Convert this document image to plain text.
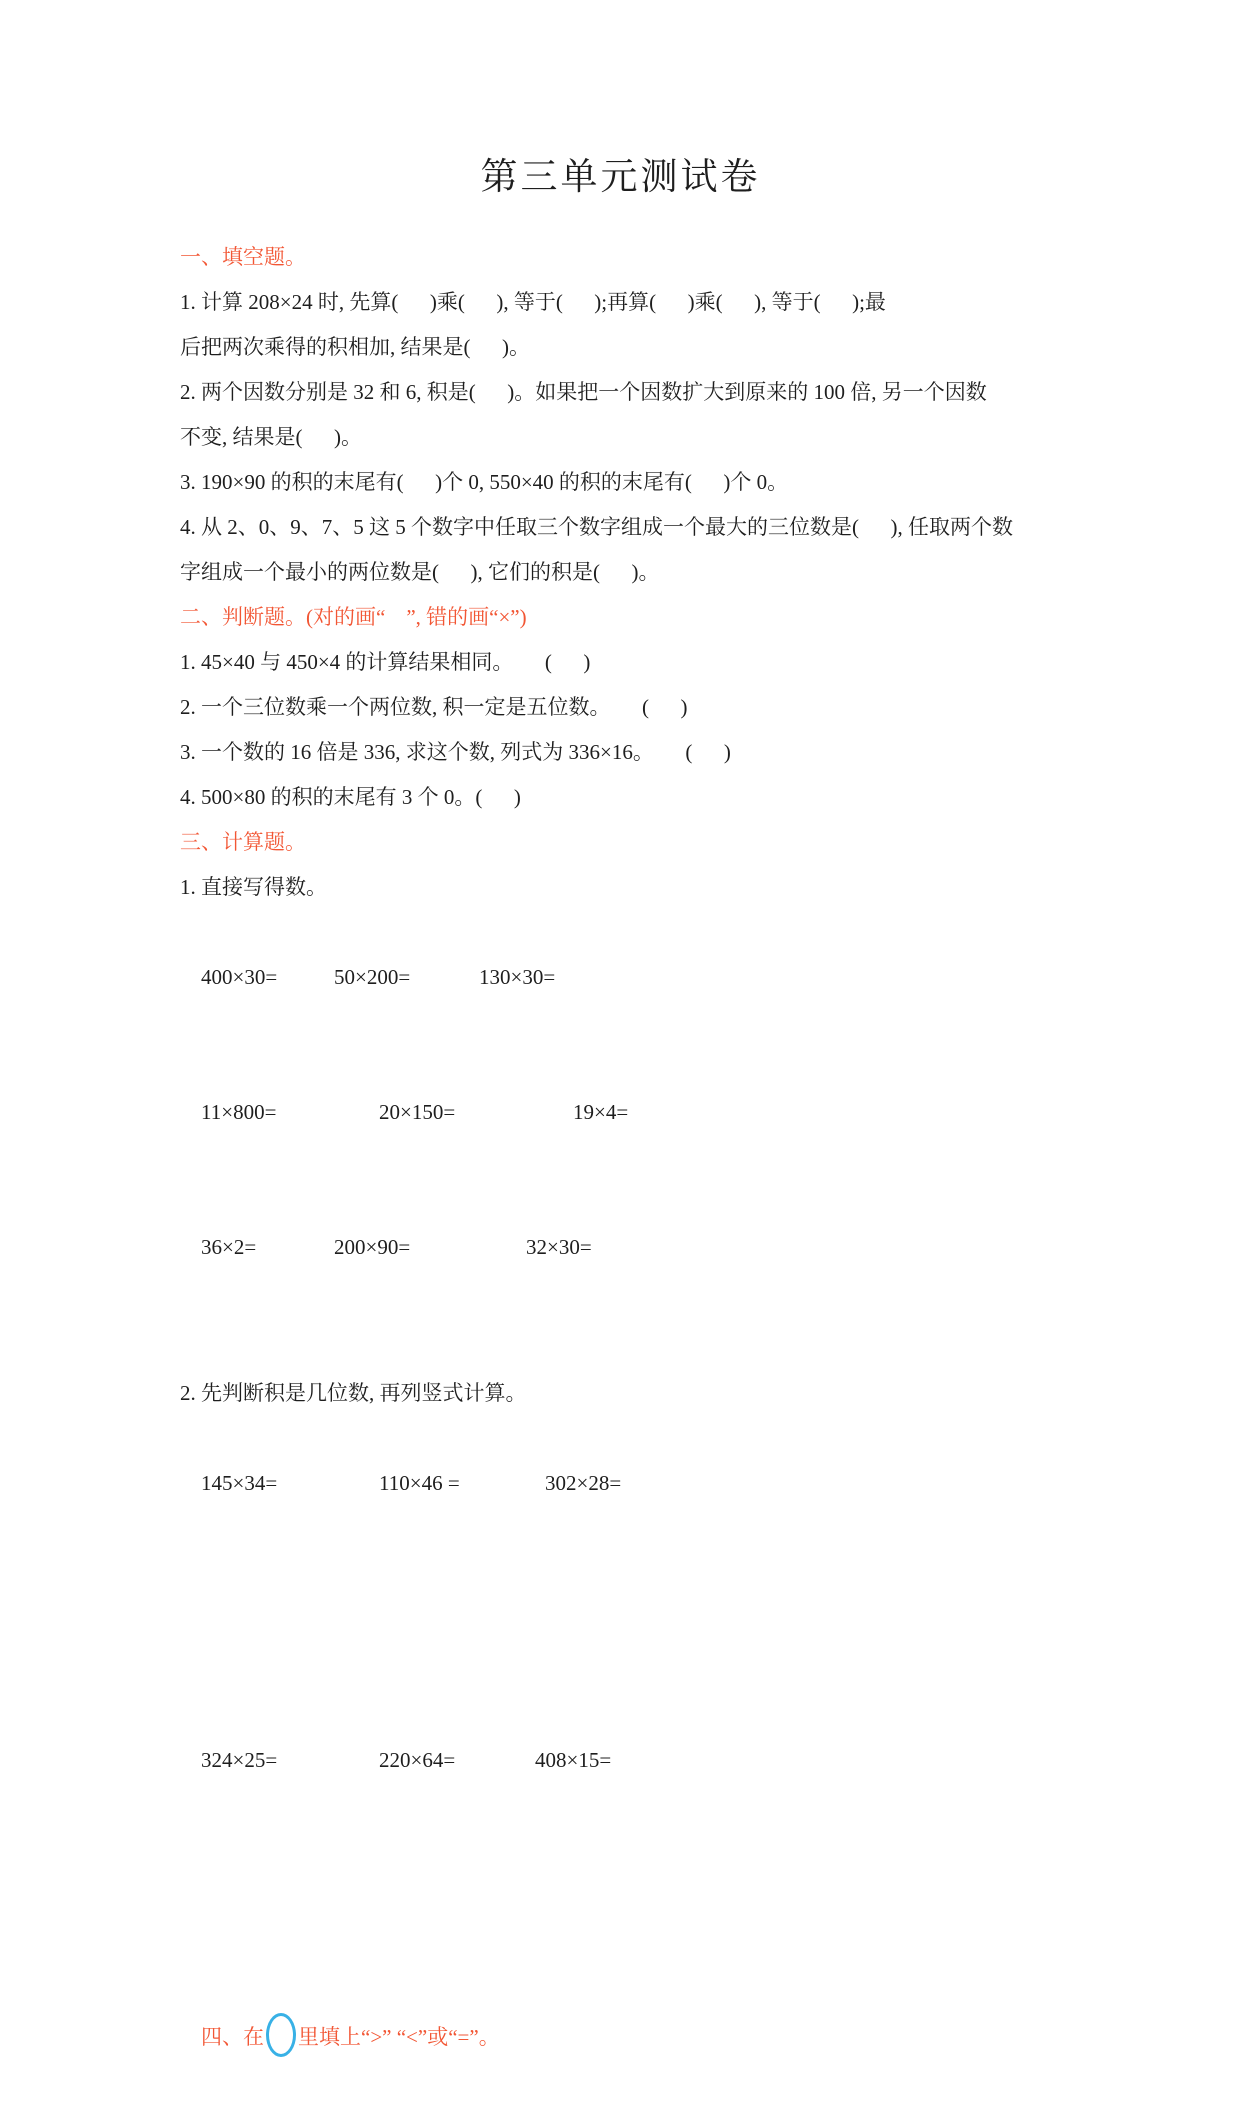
第三单元测试卷

一、填空题。

1. 计算 208×24 时, 先算(      )乘(      ), 等于(      );再算(      )乘(      ), 等于(      );最

后把两次乘得的积相加, 结果是(      )。

2. 两个因数分别是 32 和 6, 积是(      )。如果把一个因数扩大到原来的 100 倍, 另一个因数

不变, 结果是(      )。

3. 190×90 的积的末尾有(      )个 0, 550×40 的积的末尾有(      )个 0。

4. 从 2、0、9、7、5 这 5 个数字中任取三个数字组成一个最大的三位数是(      ), 任取两个数

字组成一个最小的两位数是(      ), 它们的积是(      )。

二、判断题。(对的画“    ”, 错的画“×”)

1. 45×40 与 450×4 的计算结果相同。      (      )

2. 一个三位数乘一个两位数, 积一定是五位数。      (      )

3. 一个数的 16 倍是 336, 求这个数, 列式为 336×16。      (      )

4. 500×80 的积的末尾有 3 个 0。(      )

三、计算题。

1. 直接写得数。

400×30=	50×200=	130×30=

11×800=	20×150=	19×4=

36×2=	200×90=	32×30=

2. 先判断积是几位数, 再列竖式计算。

145×34=	110×46 =	302×28=

324×25=	220×64=	408×15=

四、在 里填上“>” “<”或“=”。
